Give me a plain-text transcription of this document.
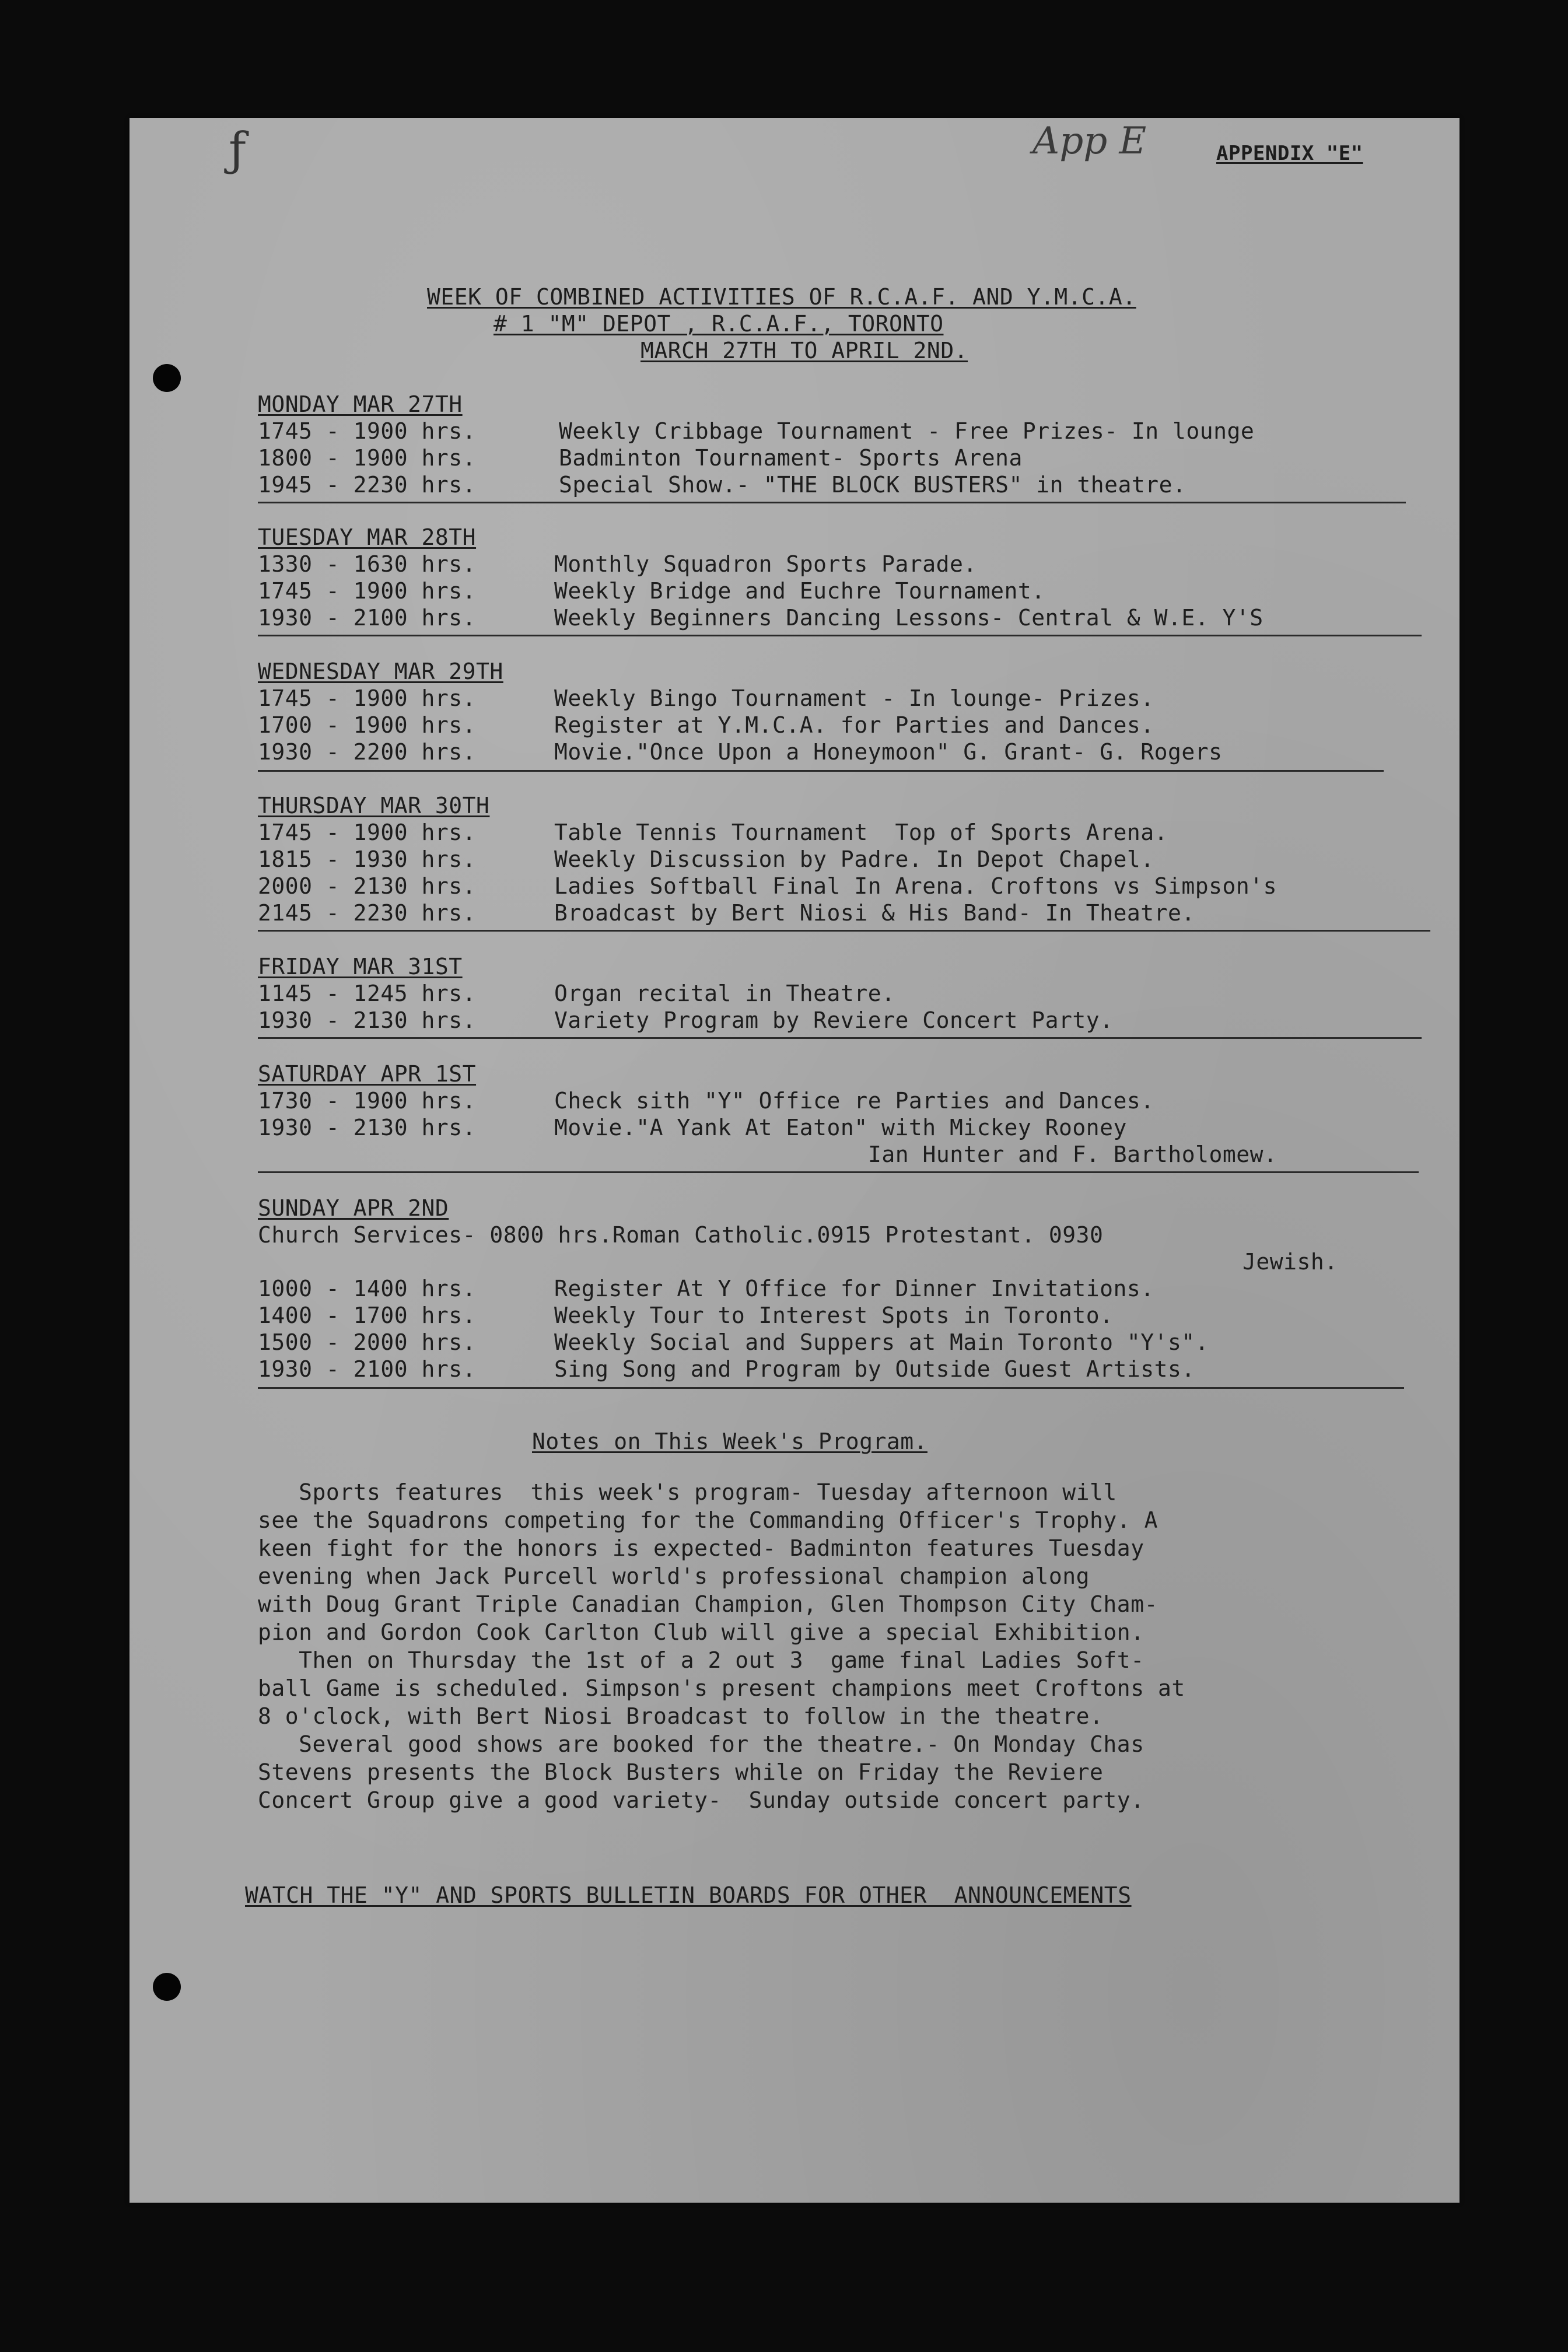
ƒ	App E	APPENDIX "E"
WEEK OF COMBINED ACTIVITIES OF R.C.A.F. AND Y.M.C.A.
# 1 "M" DEPOT , R.C.A.F., TORONTO
MARCH 27TH TO APRIL 2ND.
MONDAY MAR 27TH
1745 - 1900 hrs.	Weekly Cribbage Tournament - Free Prizes- In lounge
1800 - 1900 hrs.	Badminton Tournament- Sports Arena
1945 - 2230 hrs.	Special Show.- "THE BLOCK BUSTERS" in theatre.
TUESDAY MAR 28TH
1330 - 1630 hrs.	Monthly Squadron Sports Parade.
1745 - 1900 hrs.	Weekly Bridge and Euchre Tournament.
1930 - 2100 hrs.	Weekly Beginners Dancing Lessons- Central & W.E. Y'S
WEDNESDAY MAR 29TH
1745 - 1900 hrs.	Weekly Bingo Tournament - In lounge- Prizes.
1700 - 1900 hrs.	Register at Y.M.C.A. for Parties and Dances.
1930 - 2200 hrs.	Movie."Once Upon a Honeymoon" G. Grant- G. Rogers
THURSDAY MAR 30TH
1745 - 1900 hrs.	Table Tennis Tournament  Top of Sports Arena.
1815 - 1930 hrs.	Weekly Discussion by Padre. In Depot Chapel.
2000 - 2130 hrs.	Ladies Softball Final In Arena. Croftons vs Simpson's
2145 - 2230 hrs.	Broadcast by Bert Niosi & His Band- In Theatre.
FRIDAY MAR 31ST
1145 - 1245 hrs.	Organ recital in Theatre.
1930 - 2130 hrs.	Variety Program by Reviere Concert Party.
SATURDAY APR 1ST
1730 - 1900 hrs.	Check sith "Y" Office re Parties and Dances.
1930 - 2130 hrs.	Movie."A Yank At Eaton" with Mickey Rooney
Ian Hunter and F. Bartholomew.
SUNDAY APR 2ND
Church Services- 0800 hrs.Roman Catholic.0915 Protestant. 0930
Jewish.
1000 - 1400 hrs.	Register At Y Office for Dinner Invitations.
1400 - 1700 hrs.	Weekly Tour to Interest Spots in Toronto.
1500 - 2000 hrs.	Weekly Social and Suppers at Main Toronto "Y's".
1930 - 2100 hrs.	Sing Song and Program by Outside Guest Artists.
Notes on This Week's Program.
Sports features  this week's program- Tuesday afternoon will
see the Squadrons competing for the Commanding Officer's Trophy. A
keen fight for the honors is expected- Badminton features Tuesday
evening when Jack Purcell world's professional champion along
with Doug Grant Triple Canadian Champion, Glen Thompson City Cham-
pion and Gordon Cook Carlton Club will give a special Exhibition.
Then on Thursday the 1st of a 2 out 3  game final Ladies Soft-
ball Game is scheduled. Simpson's present champions meet Croftons at
8 o'clock, with Bert Niosi Broadcast to follow in the theatre.
Several good shows are booked for the theatre.- On Monday Chas
Stevens presents the Block Busters while on Friday the Reviere
Concert Group give a good variety-  Sunday outside concert party.
WATCH THE "Y" AND SPORTS BULLETIN BOARDS FOR OTHER  ANNOUNCEMENTS
